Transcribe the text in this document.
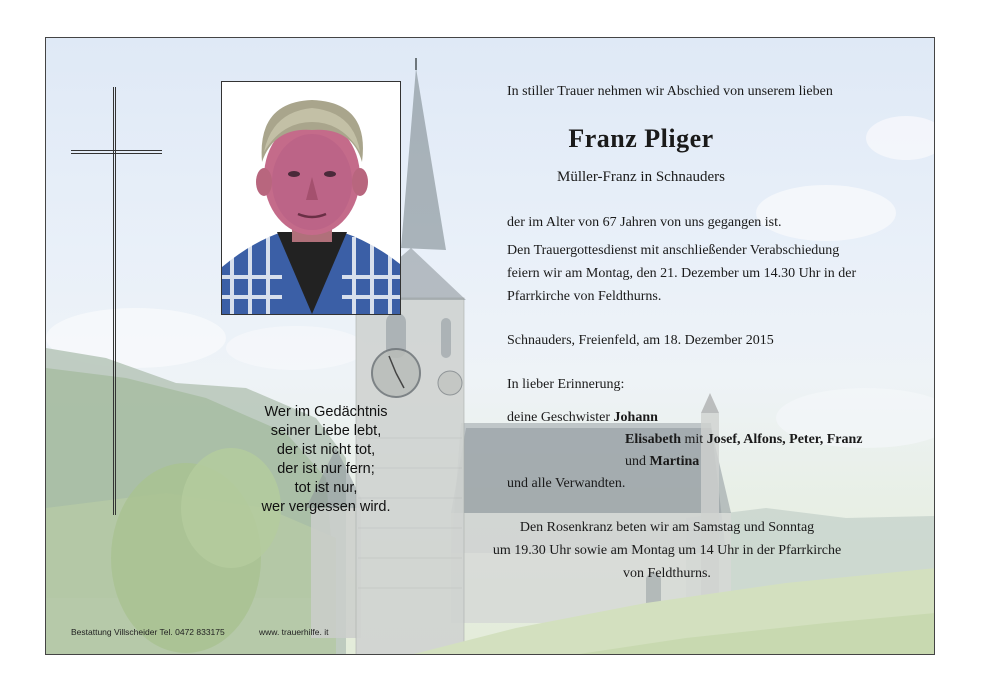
Wer im Gedächtnis
seiner Liebe lebt,
der ist nicht tot,
der ist nur fern;
tot ist nur,
wer vergessen wird.
In stiller Trauer nehmen wir Abschied von unserem lieben
Franz Pliger
Müller-Franz in Schnauders
der im Alter von 67 Jahren von uns gegangen ist.
Den Trauergottesdienst mit anschließender Verabschiedung
feiern wir am Montag, den 21. Dezember um 14.30 Uhr in der
Pfarrkirche von Feldthurns.
Schnauders, Freienfeld, am 18. Dezember 2015
In lieber Erinnerung:
deine Geschwister Johann
Elisabeth mit Josef, Alfons, Peter, Franz
und Martina
und alle Verwandten.
Den Rosenkranz beten wir am Samstag und Sonntag
um 19.30 Uhr sowie am Montag um 14 Uhr in der Pfarrkirche
von Feldthurns.
Bestattung Villscheider Tel. 0472 833175	www. trauerhilfe. it
